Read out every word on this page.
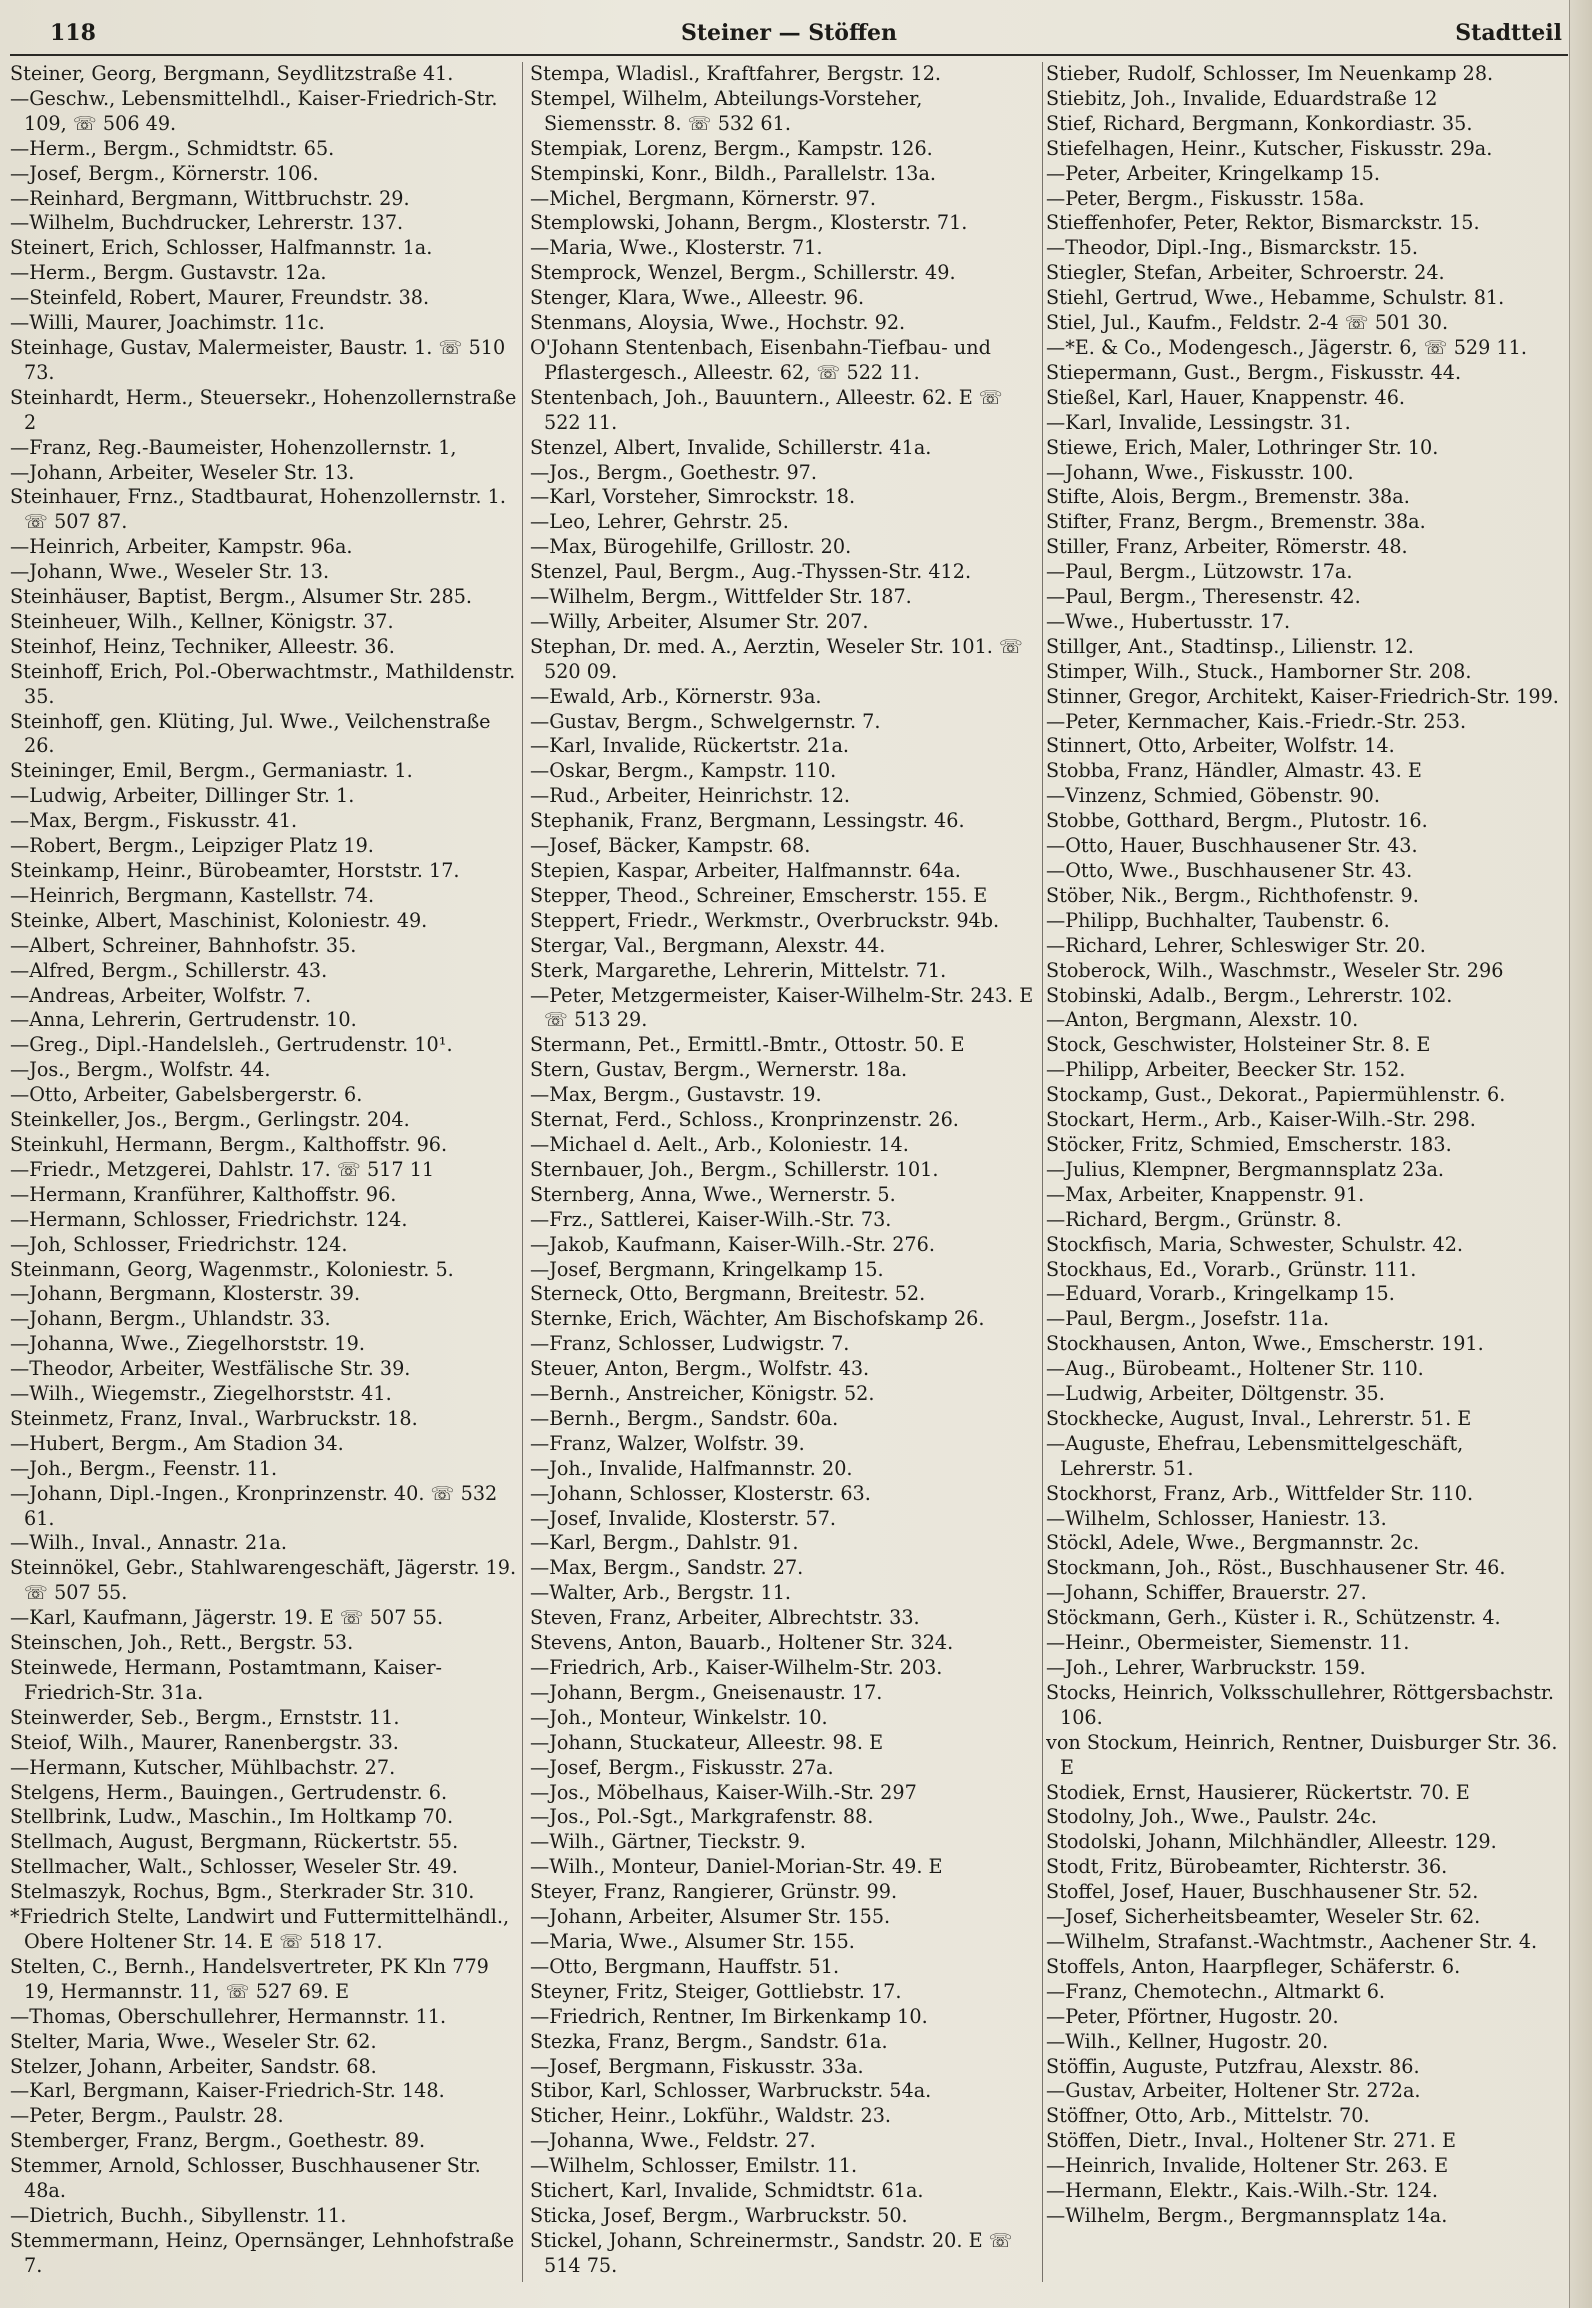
118	Steiner — Stöffen	Stadtteil
Steiner, Georg, Bergmann, Seydlitzstraße 41.
—Geschw., Lebensmittelhdl., Kaiser-Friedrich-Str. 109, ☏ 506 49.
—Herm., Bergm., Schmidtstr. 65.
—Josef, Bergm., Körnerstr. 106.
—Reinhard, Bergmann, Wittbruchstr. 29.
—Wilhelm, Buchdrucker, Lehrerstr. 137.
Steinert, Erich, Schlosser, Halfmannstr. 1a.
—Herm., Bergm. Gustavstr. 12a.
—Steinfeld, Robert, Maurer, Freundstr. 38.
—Willi, Maurer, Joachimstr. 11c.
Steinhage, Gustav, Malermeister, Baustr. 1. ☏ 510 73.
Steinhardt, Herm., Steuersekr., Hohenzollernstraße 2
—Franz, Reg.-Baumeister, Hohenzollernstr. 1,
—Johann, Arbeiter, Weseler Str. 13.
Steinhauer, Frnz., Stadtbaurat, Hohenzollernstr. 1. ☏ 507 87.
—Heinrich, Arbeiter, Kampstr. 96a.
—Johann, Wwe., Weseler Str. 13.
Steinhäuser, Baptist, Bergm., Alsumer Str. 285.
Steinheuer, Wilh., Kellner, Königstr. 37.
Steinhof, Heinz, Techniker, Alleestr. 36.
Steinhoff, Erich, Pol.-Oberwachtmstr., Mathildenstr. 35.
Steinhoff, gen. Klüting, Jul. Wwe., Veilchenstraße 26.
Steininger, Emil, Bergm., Germaniastr. 1.
—Ludwig, Arbeiter, Dillinger Str. 1.
—Max, Bergm., Fiskusstr. 41.
—Robert, Bergm., Leipziger Platz 19.
Steinkamp, Heinr., Bürobeamter, Horststr. 17.
—Heinrich, Bergmann, Kastellstr. 74.
Steinke, Albert, Maschinist, Koloniestr. 49.
—Albert, Schreiner, Bahnhofstr. 35.
—Alfred, Bergm., Schillerstr. 43.
—Andreas, Arbeiter, Wolfstr. 7.
—Anna, Lehrerin, Gertrudenstr. 10.
—Greg., Dipl.-Handelsleh., Gertrudenstr. 10¹.
—Jos., Bergm., Wolfstr. 44.
—Otto, Arbeiter, Gabelsbergerstr. 6.
Steinkeller, Jos., Bergm., Gerlingstr. 204.
Steinkuhl, Hermann, Bergm., Kalthoffstr. 96.
—Friedr., Metzgerei, Dahlstr. 17. ☏ 517 11
—Hermann, Kranführer, Kalthoffstr. 96.
—Hermann, Schlosser, Friedrichstr. 124.
—Joh, Schlosser, Friedrichstr. 124.
Steinmann, Georg, Wagenmstr., Koloniestr. 5.
—Johann, Bergmann, Klosterstr. 39.
—Johann, Bergm., Uhlandstr. 33.
—Johanna, Wwe., Ziegelhorststr. 19.
—Theodor, Arbeiter, Westfälische Str. 39.
—Wilh., Wiegemstr., Ziegelhorststr. 41.
Steinmetz, Franz, Inval., Warbruckstr. 18.
—Hubert, Bergm., Am Stadion 34.
—Joh., Bergm., Feenstr. 11.
—Johann, Dipl.-Ingen., Kronprinzenstr. 40. ☏ 532 61.
—Wilh., Inval., Annastr. 21a.
Steinnökel, Gebr., Stahlwarengeschäft, Jägerstr. 19. ☏ 507 55.
—Karl, Kaufmann, Jägerstr. 19. E ☏ 507 55.
Steinschen, Joh., Rett., Bergstr. 53.
Steinwede, Hermann, Postamtmann, Kaiser-Friedrich-Str. 31a.
Steinwerder, Seb., Bergm., Ernststr. 11.
Steiof, Wilh., Maurer, Ranenbergstr. 33.
—Hermann, Kutscher, Mühlbachstr. 27.
Stelgens, Herm., Bauingen., Gertrudenstr. 6.
Stellbrink, Ludw., Maschin., Im Holtkamp 70.
Stellmach, August, Bergmann, Rückertstr. 55.
Stellmacher, Walt., Schlosser, Weseler Str. 49.
Stelmaszyk, Rochus, Bgm., Sterkrader Str. 310.
*Friedrich Stelte, Landwirt und Futtermittelhändl., Obere Holtener Str. 14. E ☏ 518 17.
Stelten, C., Bernh., Handelsvertreter, PK Kln 779 19, Hermannstr. 11, ☏ 527 69. E
—Thomas, Oberschullehrer, Hermannstr. 11.
Stelter, Maria, Wwe., Weseler Str. 62.
Stelzer, Johann, Arbeiter, Sandstr. 68.
—Karl, Bergmann, Kaiser-Friedrich-Str. 148.
—Peter, Bergm., Paulstr. 28.
Stemberger, Franz, Bergm., Goethestr. 89.
Stemmer, Arnold, Schlosser, Buschhausener Str. 48a.
—Dietrich, Buchh., Sibyllenstr. 11.
Stemmermann, Heinz, Opernsänger, Lehnhofstraße 7.
Stempa, Wladisl., Kraftfahrer, Bergstr. 12.
Stempel, Wilhelm, Abteilungs-Vorsteher, Siemensstr. 8. ☏ 532 61.
Stempiak, Lorenz, Bergm., Kampstr. 126.
Stempinski, Konr., Bildh., Parallelstr. 13a.
—Michel, Bergmann, Körnerstr. 97.
Stemplowski, Johann, Bergm., Klosterstr. 71.
—Maria, Wwe., Klosterstr. 71.
Stemprock, Wenzel, Bergm., Schillerstr. 49.
Stenger, Klara, Wwe., Alleestr. 96.
Stenmans, Aloysia, Wwe., Hochstr. 92.
O'Johann Stentenbach, Eisenbahn-Tiefbau- und Pflastergesch., Alleestr. 62, ☏ 522 11.
Stentenbach, Joh., Bauuntern., Alleestr. 62. E ☏ 522 11.
Stenzel, Albert, Invalide, Schillerstr. 41a.
—Jos., Bergm., Goethestr. 97.
—Karl, Vorsteher, Simrockstr. 18.
—Leo, Lehrer, Gehrstr. 25.
—Max, Bürogehilfe, Grillostr. 20.
Stenzel, Paul, Bergm., Aug.-Thyssen-Str. 412.
—Wilhelm, Bergm., Wittfelder Str. 187.
—Willy, Arbeiter, Alsumer Str. 207.
Stephan, Dr. med. A., Aerztin, Weseler Str. 101. ☏ 520 09.
—Ewald, Arb., Körnerstr. 93a.
—Gustav, Bergm., Schwelgernstr. 7.
—Karl, Invalide, Rückertstr. 21a.
—Oskar, Bergm., Kampstr. 110.
—Rud., Arbeiter, Heinrichstr. 12.
Stephanik, Franz, Bergmann, Lessingstr. 46.
—Josef, Bäcker, Kampstr. 68.
Stepien, Kaspar, Arbeiter, Halfmannstr. 64a.
Stepper, Theod., Schreiner, Emscherstr. 155. E
Steppert, Friedr., Werkmstr., Overbruckstr. 94b.
Stergar, Val., Bergmann, Alexstr. 44.
Sterk, Margarethe, Lehrerin, Mittelstr. 71.
—Peter, Metzgermeister, Kaiser-Wilhelm-Str. 243. E ☏ 513 29.
Stermann, Pet., Ermittl.-Bmtr., Ottostr. 50. E
Stern, Gustav, Bergm., Wernerstr. 18a.
—Max, Bergm., Gustavstr. 19.
Sternat, Ferd., Schloss., Kronprinzenstr. 26.
—Michael d. Aelt., Arb., Koloniestr. 14.
Sternbauer, Joh., Bergm., Schillerstr. 101.
Sternberg, Anna, Wwe., Wernerstr. 5.
—Frz., Sattlerei, Kaiser-Wilh.-Str. 73.
—Jakob, Kaufmann, Kaiser-Wilh.-Str. 276.
—Josef, Bergmann, Kringelkamp 15.
Sterneck, Otto, Bergmann, Breitestr. 52.
Sternke, Erich, Wächter, Am Bischofskamp 26.
—Franz, Schlosser, Ludwigstr. 7.
Steuer, Anton, Bergm., Wolfstr. 43.
—Bernh., Anstreicher, Königstr. 52.
—Bernh., Bergm., Sandstr. 60a.
—Franz, Walzer, Wolfstr. 39.
—Joh., Invalide, Halfmannstr. 20.
—Johann, Schlosser, Klosterstr. 63.
—Josef, Invalide, Klosterstr. 57.
—Karl, Bergm., Dahlstr. 91.
—Max, Bergm., Sandstr. 27.
—Walter, Arb., Bergstr. 11.
Steven, Franz, Arbeiter, Albrechtstr. 33.
Stevens, Anton, Bauarb., Holtener Str. 324.
—Friedrich, Arb., Kaiser-Wilhelm-Str. 203.
—Johann, Bergm., Gneisenaustr. 17.
—Joh., Monteur, Winkelstr. 10.
—Johann, Stuckateur, Alleestr. 98. E
—Josef, Bergm., Fiskusstr. 27a.
—Jos., Möbelhaus, Kaiser-Wilh.-Str. 297
—Jos., Pol.-Sgt., Markgrafenstr. 88.
—Wilh., Gärtner, Tieckstr. 9.
—Wilh., Monteur, Daniel-Morian-Str. 49. E
Steyer, Franz, Rangierer, Grünstr. 99.
—Johann, Arbeiter, Alsumer Str. 155.
—Maria, Wwe., Alsumer Str. 155.
—Otto, Bergmann, Hauffstr. 51.
Steyner, Fritz, Steiger, Gottliebstr. 17.
—Friedrich, Rentner, Im Birkenkamp 10.
Stezka, Franz, Bergm., Sandstr. 61a.
—Josef, Bergmann, Fiskusstr. 33a.
Stibor, Karl, Schlosser, Warbruckstr. 54a.
Sticher, Heinr., Lokführ., Waldstr. 23.
—Johanna, Wwe., Feldstr. 27.
—Wilhelm, Schlosser, Emilstr. 11.
Stichert, Karl, Invalide, Schmidtstr. 61a.
Sticka, Josef, Bergm., Warbruckstr. 50.
Stickel, Johann, Schreinermstr., Sandstr. 20. E ☏ 514 75.
Stieber, Rudolf, Schlosser, Im Neuenkamp 28.
Stiebitz, Joh., Invalide, Eduardstraße 12
Stief, Richard, Bergmann, Konkordiastr. 35.
Stiefelhagen, Heinr., Kutscher, Fiskusstr. 29a.
—Peter, Arbeiter, Kringelkamp 15.
—Peter, Bergm., Fiskusstr. 158a.
Stieffenhofer, Peter, Rektor, Bismarckstr. 15.
—Theodor, Dipl.-Ing., Bismarckstr. 15.
Stiegler, Stefan, Arbeiter, Schroerstr. 24.
Stiehl, Gertrud, Wwe., Hebamme, Schulstr. 81.
Stiel, Jul., Kaufm., Feldstr. 2-4 ☏ 501 30.
—*E. & Co., Modengesch., Jägerstr. 6, ☏ 529 11.
Stiepermann, Gust., Bergm., Fiskusstr. 44.
Stießel, Karl, Hauer, Knappenstr. 46.
—Karl, Invalide, Lessingstr. 31.
Stiewe, Erich, Maler, Lothringer Str. 10.
—Johann, Wwe., Fiskusstr. 100.
Stifte, Alois, Bergm., Bremenstr. 38a.
Stifter, Franz, Bergm., Bremenstr. 38a.
Stiller, Franz, Arbeiter, Römerstr. 48.
—Paul, Bergm., Lützowstr. 17a.
—Paul, Bergm., Theresenstr. 42.
—Wwe., Hubertusstr. 17.
Stillger, Ant., Stadtinsp., Lilienstr. 12.
Stimper, Wilh., Stuck., Hamborner Str. 208.
Stinner, Gregor, Architekt, Kaiser-Friedrich-Str. 199.
—Peter, Kernmacher, Kais.-Friedr.-Str. 253.
Stinnert, Otto, Arbeiter, Wolfstr. 14.
Stobba, Franz, Händler, Almastr. 43. E
—Vinzenz, Schmied, Göbenstr. 90.
Stobbe, Gotthard, Bergm., Plutostr. 16.
—Otto, Hauer, Buschhausener Str. 43.
—Otto, Wwe., Buschhausener Str. 43.
Stöber, Nik., Bergm., Richthofenstr. 9.
—Philipp, Buchhalter, Taubenstr. 6.
—Richard, Lehrer, Schleswiger Str. 20.
Stoberock, Wilh., Waschmstr., Weseler Str. 296
Stobinski, Adalb., Bergm., Lehrerstr. 102.
—Anton, Bergmann, Alexstr. 10.
Stock, Geschwister, Holsteiner Str. 8. E
—Philipp, Arbeiter, Beecker Str. 152.
Stockamp, Gust., Dekorat., Papiermühlenstr. 6.
Stockart, Herm., Arb., Kaiser-Wilh.-Str. 298.
Stöcker, Fritz, Schmied, Emscherstr. 183.
—Julius, Klempner, Bergmannsplatz 23a.
—Max, Arbeiter, Knappenstr. 91.
—Richard, Bergm., Grünstr. 8.
Stockfisch, Maria, Schwester, Schulstr. 42.
Stockhaus, Ed., Vorarb., Grünstr. 111.
—Eduard, Vorarb., Kringelkamp 15.
—Paul, Bergm., Josefstr. 11a.
Stockhausen, Anton, Wwe., Emscherstr. 191.
—Aug., Bürobeamt., Holtener Str. 110.
—Ludwig, Arbeiter, Döltgenstr. 35.
Stockhecke, August, Inval., Lehrerstr. 51. E
—Auguste, Ehefrau, Lebensmittelgeschäft, Lehrerstr. 51.
Stockhorst, Franz, Arb., Wittfelder Str. 110.
—Wilhelm, Schlosser, Haniestr. 13.
Stöckl, Adele, Wwe., Bergmannstr. 2c.
Stockmann, Joh., Röst., Buschhausener Str. 46.
—Johann, Schiffer, Brauerstr. 27.
Stöckmann, Gerh., Küster i. R., Schützenstr. 4.
—Heinr., Obermeister, Siemenstr. 11.
—Joh., Lehrer, Warbruckstr. 159.
Stocks, Heinrich, Volksschullehrer, Röttgersbachstr. 106.
von Stockum, Heinrich, Rentner, Duisburger Str. 36. E
Stodiek, Ernst, Hausierer, Rückertstr. 70. E
Stodolny, Joh., Wwe., Paulstr. 24c.
Stodolski, Johann, Milchhändler, Alleestr. 129.
Stodt, Fritz, Bürobeamter, Richterstr. 36.
Stoffel, Josef, Hauer, Buschhausener Str. 52.
—Josef, Sicherheitsbeamter, Weseler Str. 62.
—Wilhelm, Strafanst.-Wachtmstr., Aachener Str. 4.
Stoffels, Anton, Haarpfleger, Schäferstr. 6.
—Franz, Chemotechn., Altmarkt 6.
—Peter, Pförtner, Hugostr. 20.
—Wilh., Kellner, Hugostr. 20.
Stöffin, Auguste, Putzfrau, Alexstr. 86.
—Gustav, Arbeiter, Holtener Str. 272a.
Stöffner, Otto, Arb., Mittelstr. 70.
Stöffen, Dietr., Inval., Holtener Str. 271. E
—Heinrich, Invalide, Holtener Str. 263. E
—Hermann, Elektr., Kais.-Wilh.-Str. 124.
—Wilhelm, Bergm., Bergmannsplatz 14a.
